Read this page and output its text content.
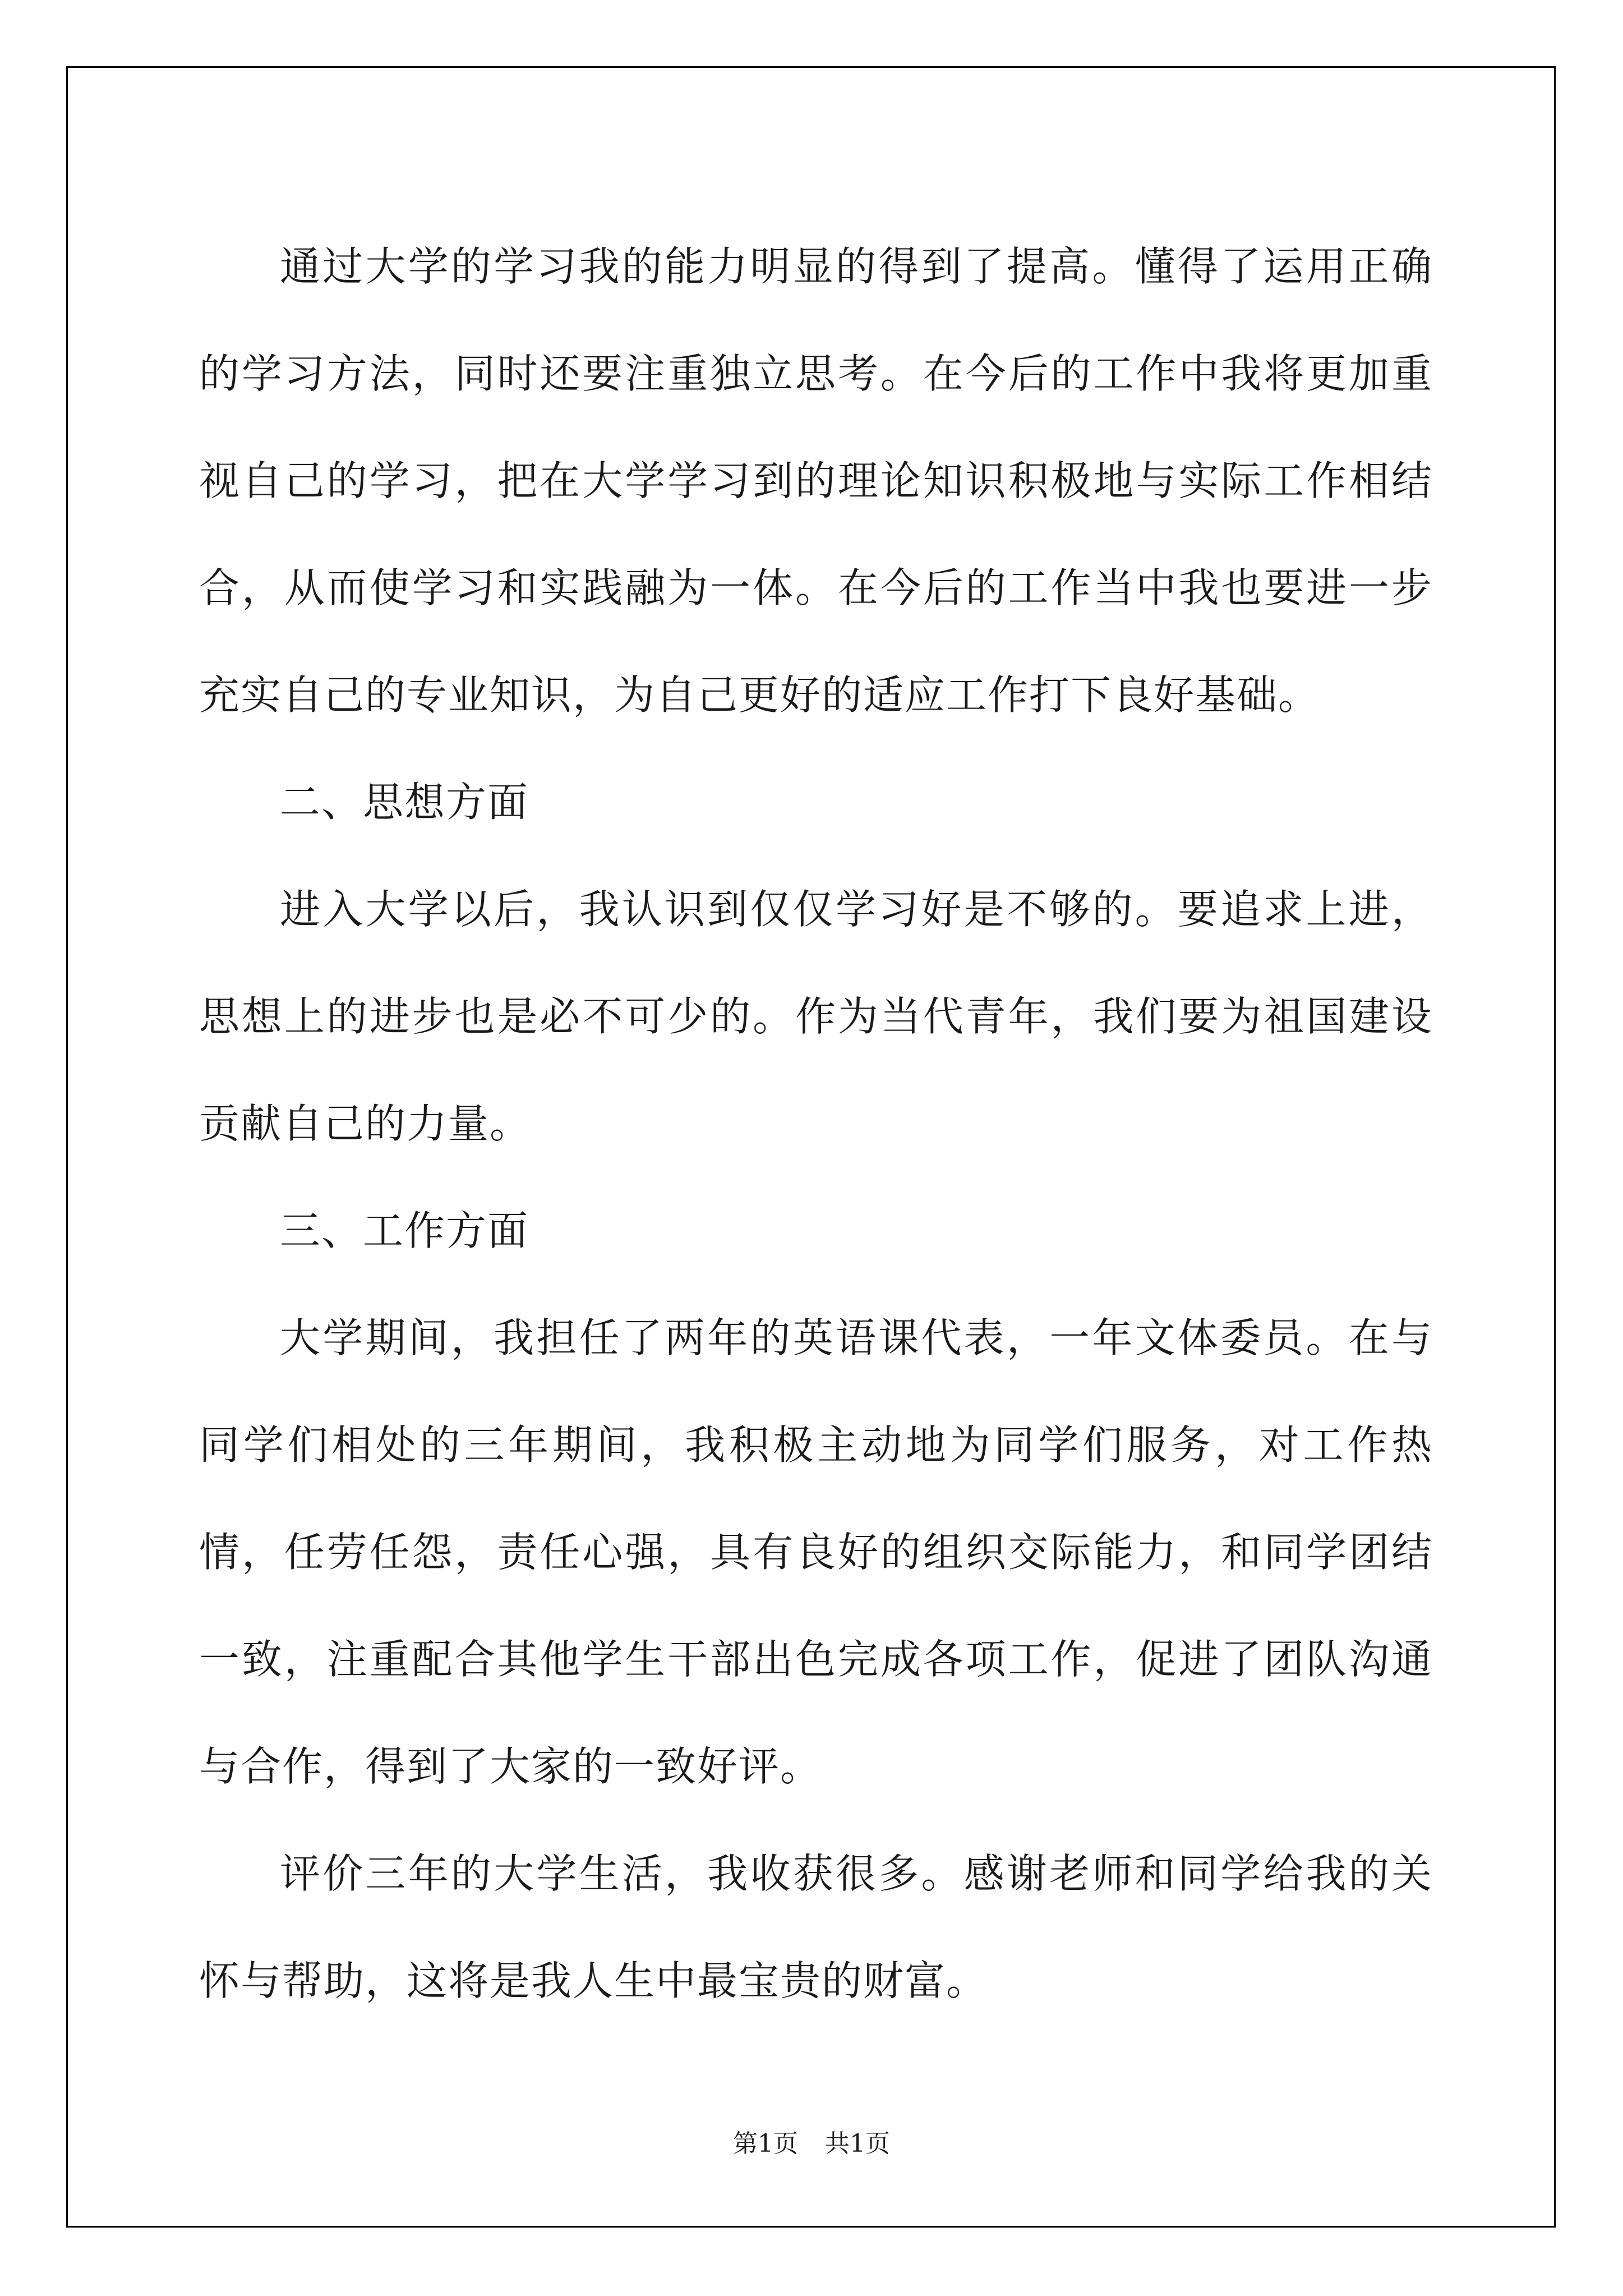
通过大学的学习我的能力明显的得到了提高。懂得了运用正确的学习方法，同时还要注重独立思考。在今后的工作中我将更加重视自己的学习，把在大学学习到的理论知识积极地与实际工作相结合，从而使学习和实践融为一体。在今后的工作当中我也要进一步充实自己的专业知识，为自己更好的适应工作打下良好基础。

二、思想方面

进入大学以后，我认识到仅仅学习好是不够的。要追求上进，思想上的进步也是必不可少的。作为当代青年，我们要为祖国建设贡献自己的力量。

三、工作方面

大学期间，我担任了两年的英语课代表，一年文体委员。在与同学们相处的三年期间，我积极主动地为同学们服务，对工作热情，任劳任怨，责任心强，具有良好的组织交际能力，和同学团结一致，注重配合其他学生干部出色完成各项工作，促进了团队沟通与合作，得到了大家的一致好评。

评价三年的大学生活，我收获很多。感谢老师和同学给我的关怀与帮助，这将是我人生中最宝贵的财富。

第1页 共1页
